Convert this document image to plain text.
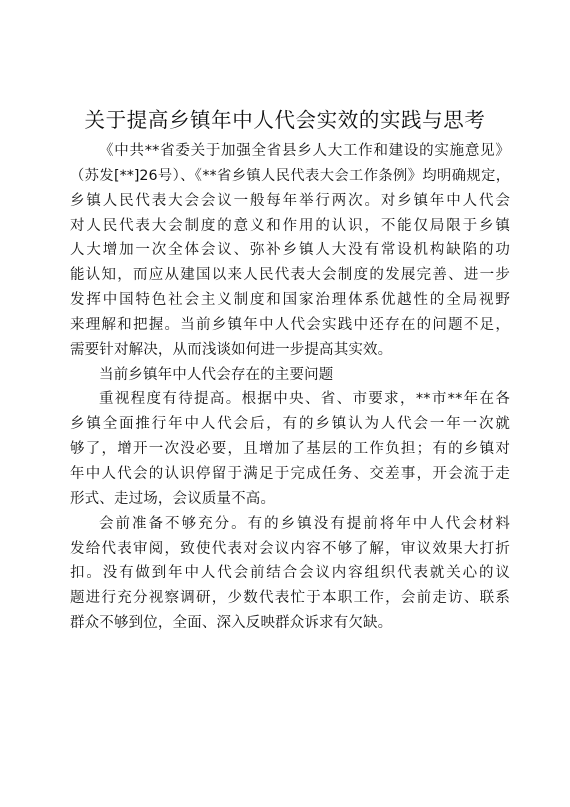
关于提高乡镇年中人代会实效的实践与思考
《中共**省委关于加强全省县乡人大工作和建设的实施意见》
（苏发[**]26号）、《**省乡镇人民代表大会工作条例》均明确规定，
乡镇人民代表大会会议一般每年举行两次。对乡镇年中人代会
对人民代表大会制度的意义和作用的认识，不能仅局限于乡镇
人大增加一次全体会议、弥补乡镇人大没有常设机构缺陷的功
能认知，而应从建国以来人民代表大会制度的发展完善、进一步
发挥中国特色社会主义制度和国家治理体系优越性的全局视野
来理解和把握。当前乡镇年中人代会实践中还存在的问题不足，
需要针对解决，从而浅谈如何进一步提高其实效。
当前乡镇年中人代会存在的主要问题
重视程度有待提高。根据中央、省、市要求，**市**年在各
乡镇全面推行年中人代会后，有的乡镇认为人代会一年一次就
够了，增开一次没必要，且增加了基层的工作负担；有的乡镇对
年中人代会的认识停留于满足于完成任务、交差事，开会流于走
形式、走过场，会议质量不高。
会前准备不够充分。有的乡镇没有提前将年中人代会材料
发给代表审阅，致使代表对会议内容不够了解，审议效果大打折
扣。没有做到年中人代会前结合会议内容组织代表就关心的议
题进行充分视察调研，少数代表忙于本职工作，会前走访、联系
群众不够到位，全面、深入反映群众诉求有欠缺。
